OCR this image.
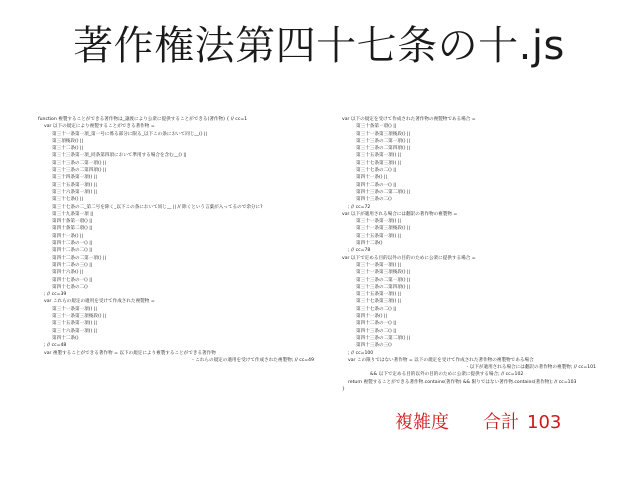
著作権法第四十七条の十.js
function 複製することができる著作物は_譲渡により公衆に提供することができる(著作物) { // cc=1
var 以下の規定により複製することができる著作物 =
第三十一条第一項_第一号に係る部分に限る_以下この条において同じ__() ||
第三項後段() ||
第三十二条() ||
第三十三条第一項_同条第四項において準用する場合を含む__() ||
第三十三条の二第一項() ||
第三十三条の二第四項() ||
第三十四条第一項() ||
第三十五条第一項() ||
第三十六条第一項() ||
第三十七条() ||
第三十七条の二_第二号を除く_以下この条において同じ__ || // 除くという言葉が入ってるので余分に?
第三十九条第一項 ||
第四十条第一項() ||
第四十条第二項() ||
第四十一条() ||
第四十二条の一() ||
第四十二条の二() ||
第四十二条の二第一項() ||
第四十二条の三() ||
第四十六条() ||
第四十七条の一() ||
第四十七条の二()
; // cc=39
var これらの規定の適用を受けて作成された複製物 =
第三十一条第一項() ||
第三十一条第三項後段() ||
第三十五条第一項() ||
第三十六条第一項() ||
第四十二条()
; // cc=48
var 複製することができる著作物 = 以下の規定により複製することができる著作物
- これらの規定の適用を受けて作成された複製物; // cc=49
var 以下の規定を受けて作成された著作物の複製物である場合 =
第三十条第一項() ||
第三十一条第三項後段() ||
第三十三条の二第一項() ||
第三十三条の二第四項() ||
第三十五条第一項() ||
第三十七条第三項() ||
第三十七条の二() ||
第四十一条() ||
第四十二条の一() ||
第四十三条の二第二項() ||
第四十三条の二()
; // cc=72
var 以下が適用される場合には翻訳の著作物の複製物 =
第三十一条第一項() ||
第三十一条第三項後段() ||
第三十五条第一項() ||
第四十二条()
; // cc=78
var 以下で定める目的以外の目的のために公衆に提供する場合 =
第三十一条第一項() ||
第三十一条第三項後段() ||
第三十三条の二第一項() ||
第三十三条の二第四項() ||
第三十五条第一項() ||
第三十七条第三項() ||
第三十七条の二() ||
第四十一条() ||
第四十二条の一() ||
第四十三条の二() ||
第四十三条の二第二項() ||
第四十三条の三()
; // cc=100
var この限りではない著作物 = 以下の規定を受けて作成された著作物の複製物である場合
- 以下が適用される場合には翻訳の著作物の複製物; // cc=101
&& 以下で定める目的以外の目的のために公衆に提供する場合; // cc=102
return 複製することができる著作物.contains(著作物) && 限りではない著作物.contains(著作物); // cc=103
}
複雑度 合計 103
